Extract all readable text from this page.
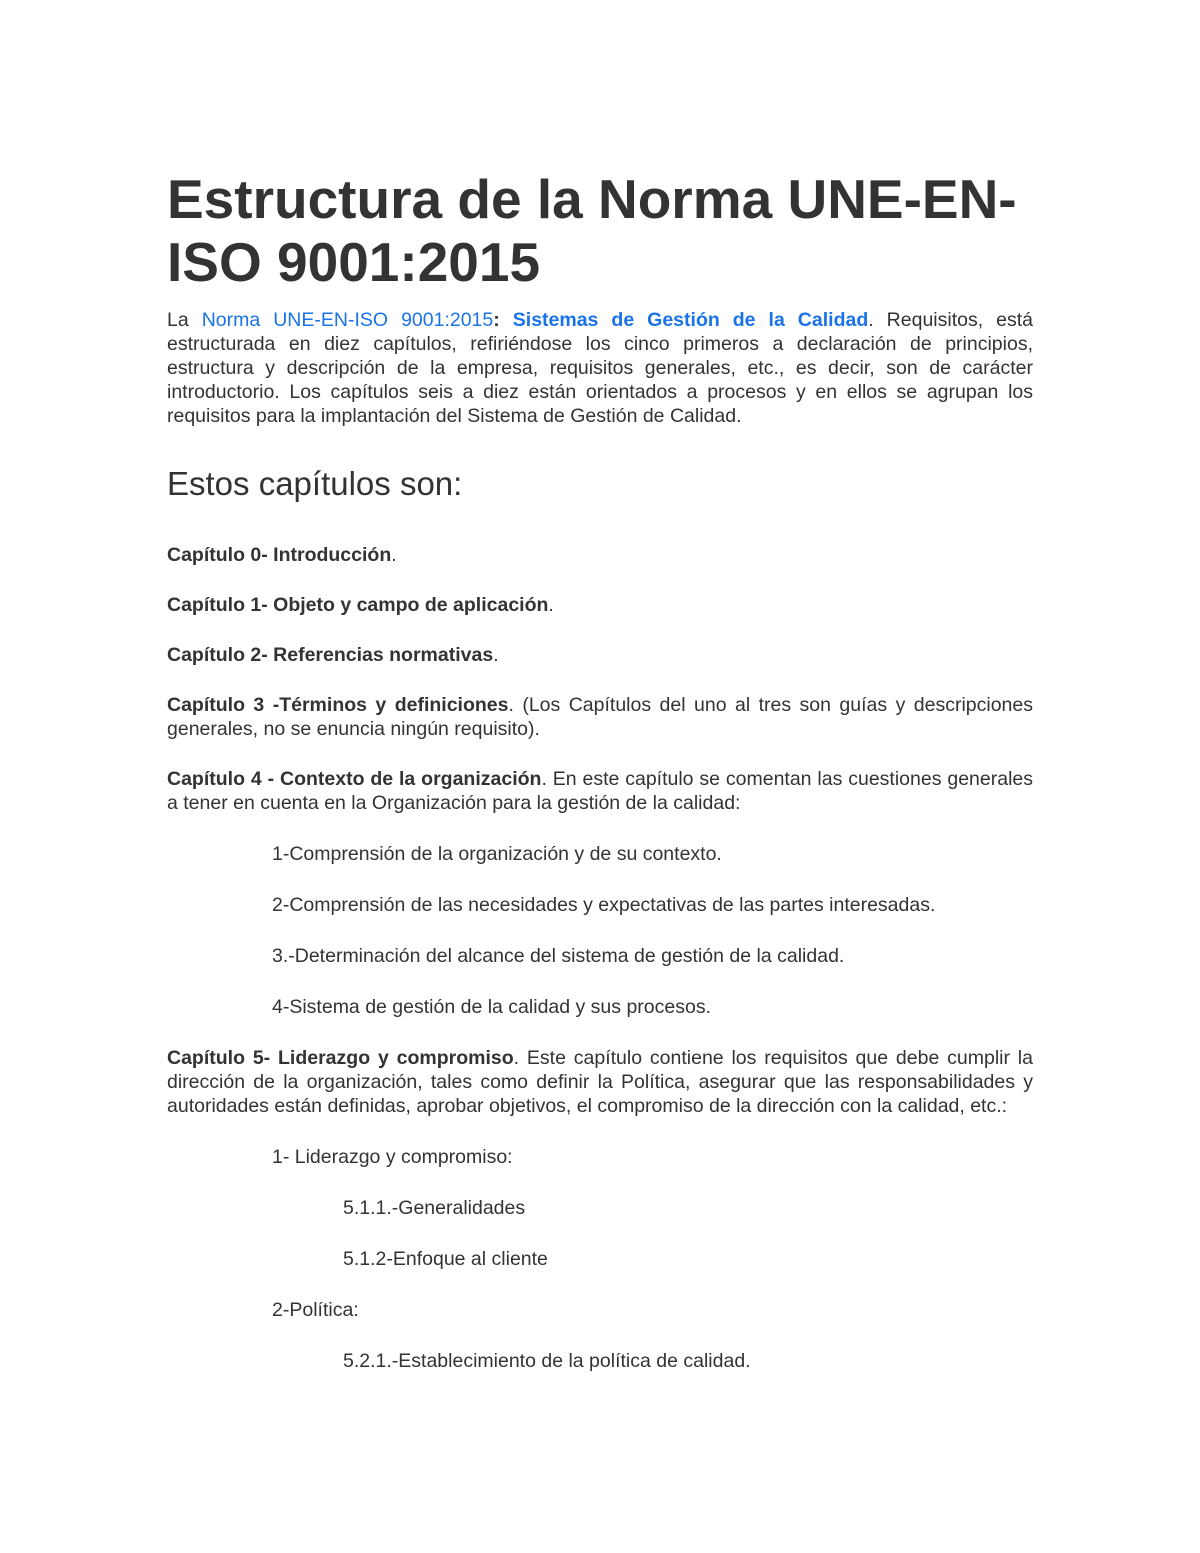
Estructura de la Norma UNE-EN-ISO 9001:2015

La Norma UNE-EN-ISO 9001:2015: Sistemas de Gestión de la Calidad. Requisitos, está estructurada en diez capítulos, refiriéndose los cinco primeros a declaración de principios, estructura y descripción de la empresa, requisitos generales, etc., es decir, son de carácter introductorio. Los capítulos seis a diez están orientados a procesos y en ellos se agrupan los requisitos para la implantación del Sistema de Gestión de Calidad.

Estos capítulos son:

Capítulo 0- Introducción.

Capítulo 1- Objeto y campo de aplicación.

Capítulo 2- Referencias normativas.

Capítulo 3 -Términos y definiciones. (Los Capítulos del uno al tres son guías y descripciones generales, no se enuncia ningún requisito).

Capítulo 4 - Contexto de la organización. En este capítulo se comentan las cuestiones generales a tener en cuenta en la Organización para la gestión de la calidad:

1-Comprensión de la organización y de su contexto.

2-Comprensión de las necesidades y expectativas de las partes interesadas.

3.-Determinación del alcance del sistema de gestión de la calidad.

4-Sistema de gestión de la calidad y sus procesos.

Capítulo 5- Liderazgo y compromiso. Este capítulo contiene los requisitos que debe cumplir la dirección de la organización, tales como definir la Política, asegurar que las responsabilidades y autoridades están definidas, aprobar objetivos, el compromiso de la dirección con la calidad, etc.:

1- Liderazgo y compromiso:

5.1.1.-Generalidades

5.1.2-Enfoque al cliente

2-Política:

5.2.1.-Establecimiento de la política de calidad.
